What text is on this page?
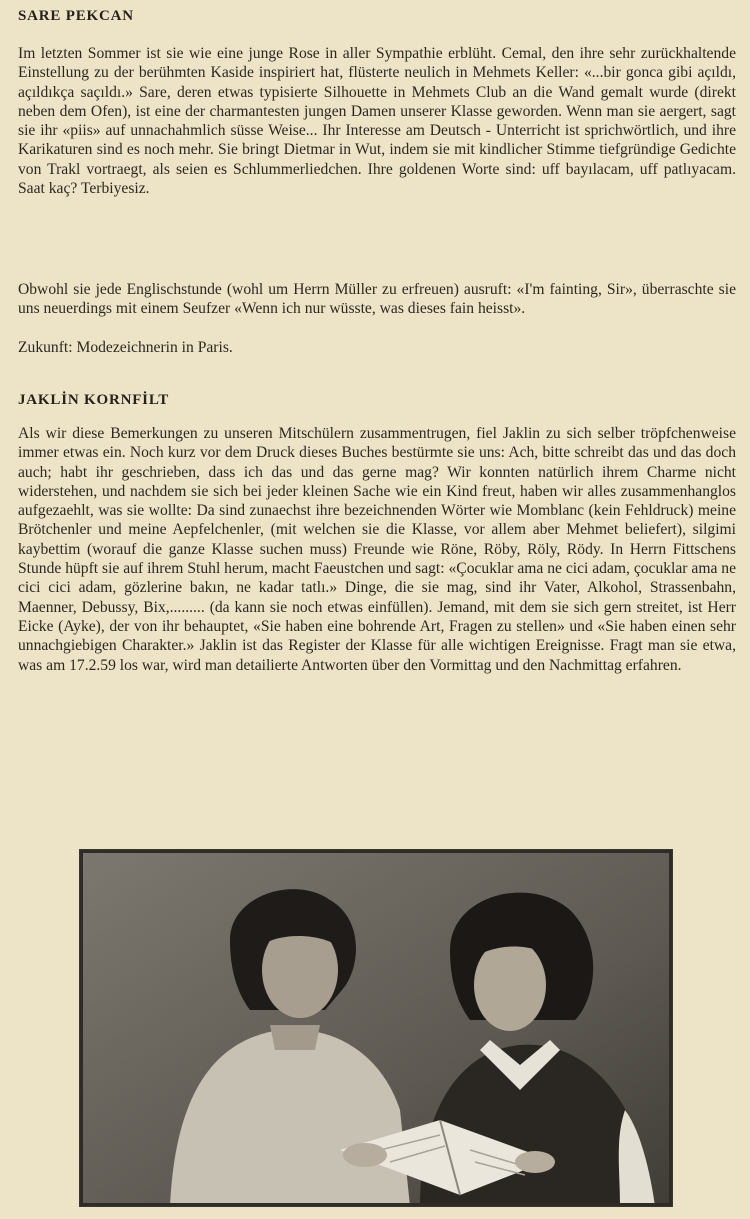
SARE PEKCAN

Im letzten Sommer ist sie wie eine junge Rose in aller Sympathie erblüht. Cemal, den ihre sehr zurückhaltende Einstellung zu der berühmten Kaside inspiriert hat, flüsterte neulich in Mehmets Keller: «...bir gonca gibi açıldı, açıldıkça saçıldı.» Sare, deren etwas typisierte Silhouette in Mehmets Club an die Wand gemalt wurde (direkt neben dem Ofen), ist eine der charmantesten jungen Damen unserer Klasse geworden. Wenn man sie aergert, sagt sie ihr «piis» auf unnachahmlich süsse Weise... Ihr Interesse am Deutsch - Unterricht ist sprichwörtlich, und ihre Karikaturen sind es noch mehr. Sie bringt Dietmar in Wut, indem sie mit kindlicher Stimme tiefgründige Gedichte von Trakl vortraegt, als seien es Schlummerliedchen. Ihre goldenen Worte sind: uff bayılacam, uff patlıyacam. Saat kaç? Terbiyesiz.

Obwohl sie jede Englischstunde (wohl um Herrn Müller zu erfreuen) ausruft: «I'm fainting, Sir», überraschte sie uns neuerdings mit einem Seufzer «Wenn ich nur wüsste, was dieses fain heisst».

Zukunft: Modezeichnerin in Paris.

JAKLİN KORNFİLT

Als wir diese Bemerkungen zu unseren Mitschülern zusammentrugen, fiel Jaklin zu sich selber tröpfchenweise immer etwas ein. Noch kurz vor dem Druck dieses Buches bestürmte sie uns: Ach, bitte schreibt das und das doch auch; habt ihr geschrieben, dass ich das und das gerne mag? Wir konnten natürlich ihrem Charme nicht widerstehen, und nachdem sie sich bei jeder kleinen Sache wie ein Kind freut, haben wir alles zusammenhanglos aufgezaehlt, was sie wollte: Da sind zunaechst ihre bezeichnenden Wörter wie Momblanc (kein Fehldruck) meine Brötchenler und meine Aepfelchenler, (mit welchen sie die Klasse, vor allem aber Mehmet beliefert), silgimi kaybettim (worauf die ganze Klasse suchen muss) Freunde wie Röne, Röby, Röly, Rödy. In Herrn Fittschens Stunde hüpft sie auf ihrem Stuhl herum, macht Faeustchen und sagt: «Çocuklar ama ne cici adam, çocuklar ama ne cici cici adam, gözlerine bakın, ne kadar tatlı.» Dinge, die sie mag, sind ihr Vater, Alkohol, Strassenbahn, Maenner, Debussy, Bix,......... (da kann sie noch etwas einfüllen). Jemand, mit dem sie sich gern streitet, ist Herr Eicke (Ayke), der von ihr behauptet, «Sie haben eine bohrende Art, Fragen zu stellen» und «Sie haben einen sehr unnachgiebigen Charakter.» Jaklin ist das Register der Klasse für alle wichtigen Ereignisse. Fragt man sie etwa, was am 17.2.59 los war, wird man detailierte Antworten über den Vormittag und den Nachmittag erfahren.
